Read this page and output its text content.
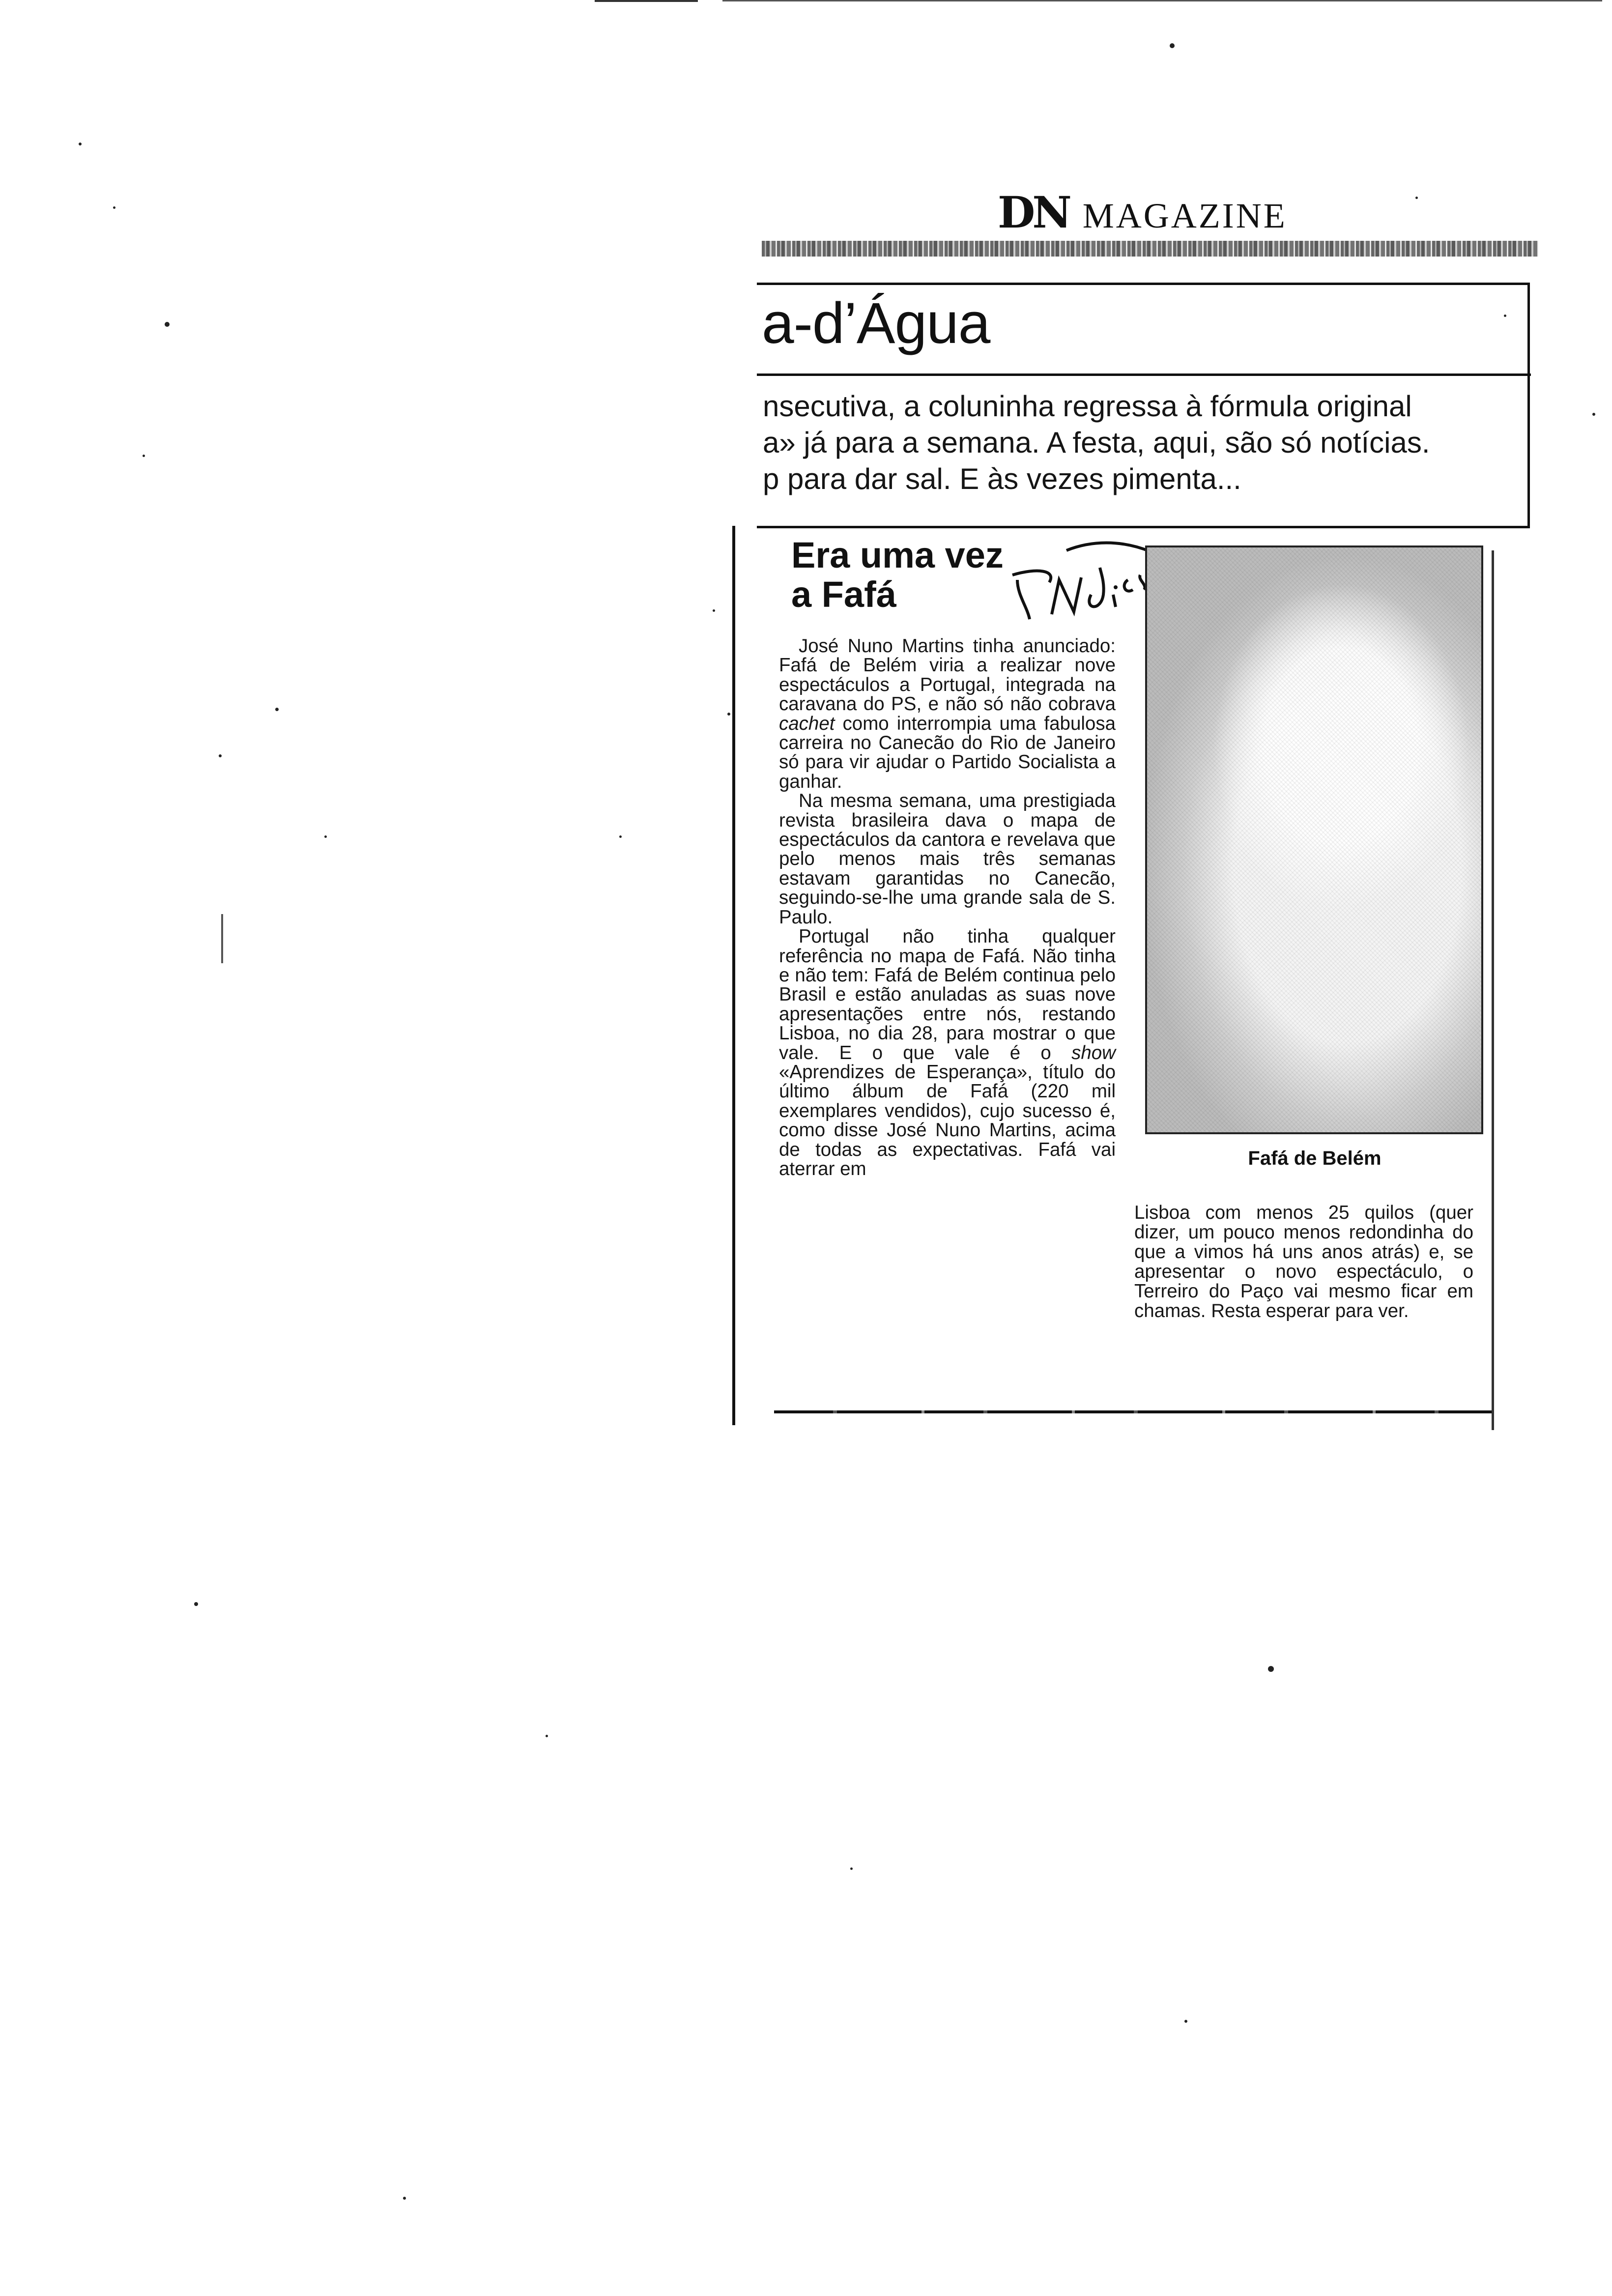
DN MAGAZINE
a-d’Água
nsecutiva, a coluninha regressa à fórmula original
a» já para a semana. A festa, aqui, são só notícias.
p para dar sal. E às vezes pimenta...
Era uma vez
a Fafá

José Nuno Martins tinha anunciado: Fafá de Belém viria a realizar nove espectáculos a Portugal, integrada na caravana do PS, e não só não cobrava cachet como interrompia uma fabulosa carreira no Canecão do Rio de Janeiro só para vir ajudar o Partido Socialista a ganhar.

Na mesma semana, uma prestigiada revista brasileira dava o mapa de espectáculos da cantora e revelava que pelo menos mais três semanas estavam garantidas no Canecão, seguindo-se-lhe uma grande sala de S. Paulo.

Portugal não tinha qualquer referência no mapa de Fafá. Não tinha e não tem: Fafá de Belém continua pelo Brasil e estão anuladas as suas nove apresentações entre nós, restando Lisboa, no dia 28, para mostrar o que vale. E o que vale é o show «Aprendizes de Esperança», título do último álbum de Fafá (220 mil exemplares vendidos), cujo sucesso é, como disse José Nuno Martins, acima de todas as expectativas. Fafá vai aterrar em	Fafá de Belém

Lisboa com menos 25 quilos (quer dizer, um pouco menos redondinha do que a vimos há uns anos atrás) e, se apresentar o novo espectáculo, o Terreiro do Paço vai mesmo ficar em chamas. Resta esperar para ver.
